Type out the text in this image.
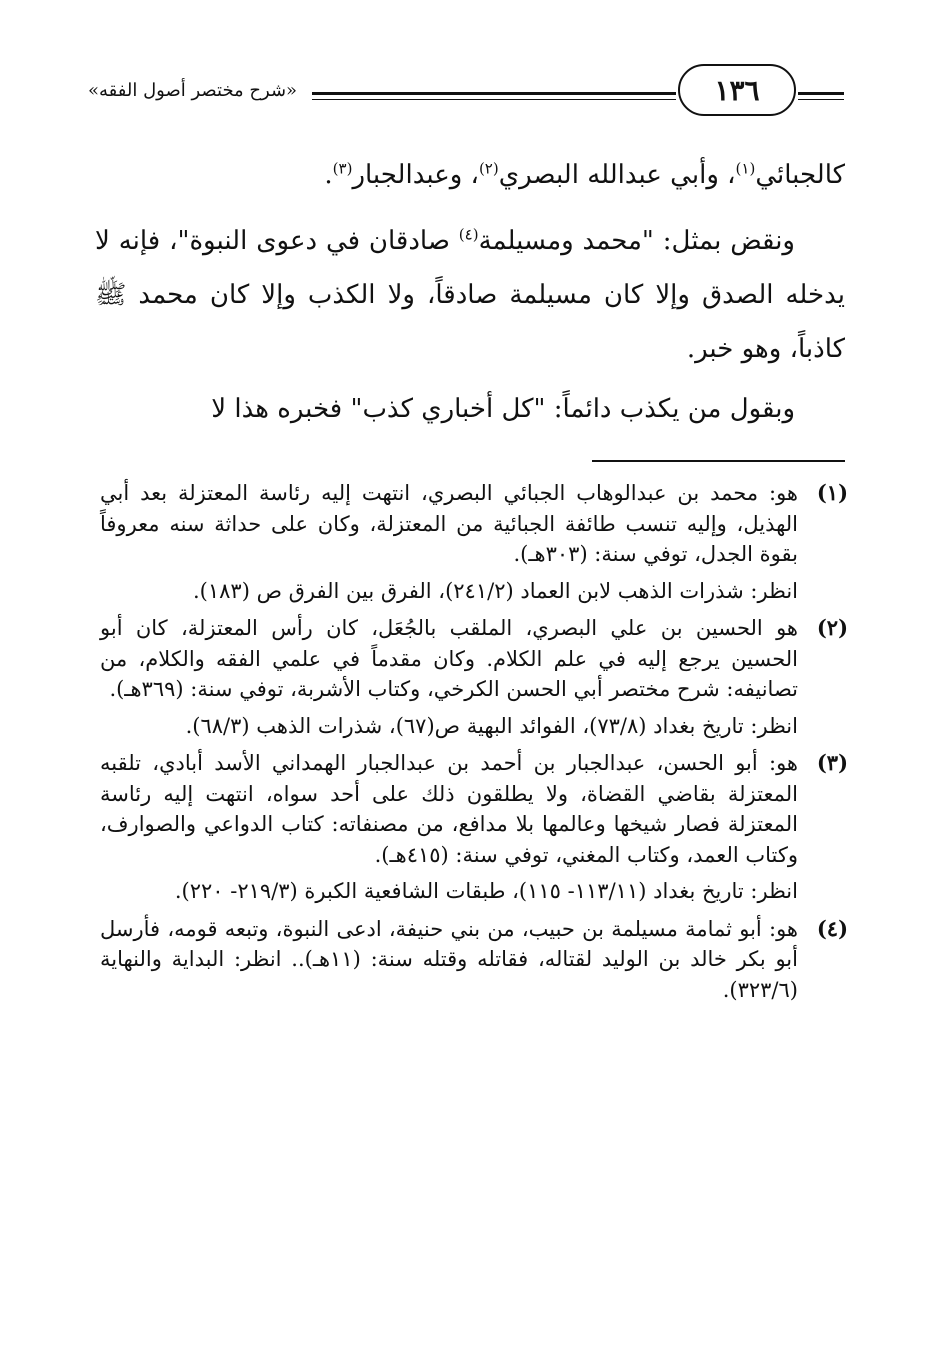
«شرح مختصر أصول الفقه»	١٣٦

كالجبائي$^{(١)}$، وأبي عبدالله البصري$^{(٢)}$، وعبدالجبار$^{(٣)}$.

ونقض بمثل: "محمد ومسيلمة$^{(٤)}$ صادقان في دعوى النبوة"، فإنه لا يدخله الصدق وإلا كان مسيلمة صادقاً، ولا الكذب وإلا كان محمد ﷺ كاذباً، وهو خبر.

وبقول من يكذب دائماً: "كل أخباري كذب" فخبره هذا لا

(١)
هو: محمد بن عبدالوهاب الجبائي البصري، انتهت إليه رئاسة المعتزلة بعد أبي الهذيل، وإليه تنسب طائفة الجبائية من المعتزلة، وكان على حداثة سنه معروفاً بقوة الجدل، توفي سنة: (٣٠٣هـ).
انظر: شذرات الذهب لابن العماد (٢٤١/٢)، الفرق بين الفرق ص (١٨٣).
(٢)
هو الحسين بن علي البصري، الملقب بالجُعَل، كان رأس المعتزلة، كان أبو الحسين يرجع إليه في علم الكلام. وكان مقدماً في علمي الفقه والكلام، من تصانيفه: شرح مختصر أبي الحسن الكرخي، وكتاب الأشربة، توفي سنة: (٣٦٩هـ).
انظر: تاريخ بغداد (٧٣/٨)، الفوائد البهية ص(٦٧)، شذرات الذهب (٦٨/٣).
(٣)
هو: أبو الحسن، عبدالجبار بن أحمد بن عبدالجبار الهمداني الأسد أبادي، تلقبه المعتزلة بقاضي القضاة، ولا يطلقون ذلك على أحد سواه، انتهت إليه رئاسة المعتزلة فصار شيخها وعالمها بلا مدافع، من مصنفاته: كتاب الدواعي والصوارف، وكتاب العمد، وكتاب المغني، توفي سنة: (٤١٥هـ).
انظر: تاريخ بغداد (١١٣/١١- ١١٥)، طبقات الشافعية الكبرة (٢١٩/٣- ٢٢٠).
(٤)
هو: أبو ثمامة مسيلمة بن حبيب، من بني حنيفة، ادعى النبوة، وتبعه قومه، فأرسل أبو بكر خالد بن الوليد لقتاله، فقاتله وقتله سنة: (١١هـ).. انظر: البداية والنهاية (٣٢٣/٦).
